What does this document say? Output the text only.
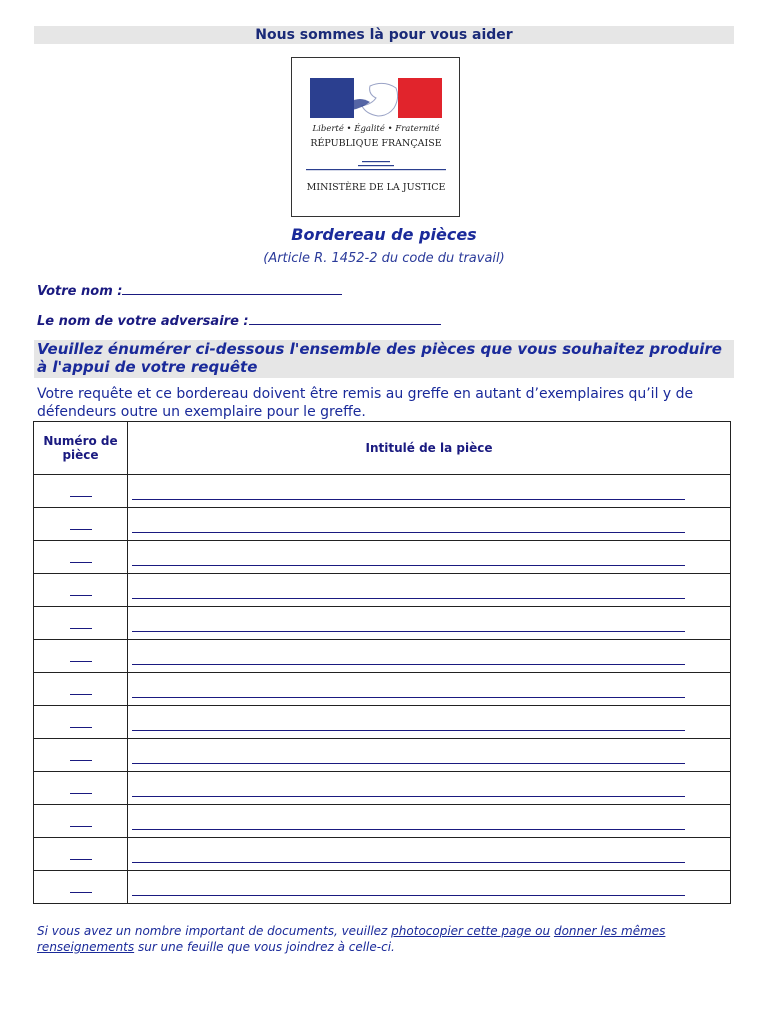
Nous sommes là pour vous aider
Liberté • Égalité • Fraternité
RÉPUBLIQUE FRANÇAISE
MINISTÈRE DE LA JUSTICE
Bordereau de pièces
(Article R. 1452-2 du code du travail)
Votre nom :
Le nom de votre adversaire :
Veuillez énumérer ci-dessous l'ensemble des pièces que vous souhaitez produire à l'appui de votre requête
Votre requête et ce bordereau doivent être remis au greffe en autant d’exemplaires qu’il y de défendeurs outre un exemplaire pour le greffe.
Numéro de pièce	Intitulé de la pièce

Si vous avez un nombre important de documents, veuillez photocopier cette page ou donner les mêmes renseignements sur une feuille que vous joindrez à celle-ci.
